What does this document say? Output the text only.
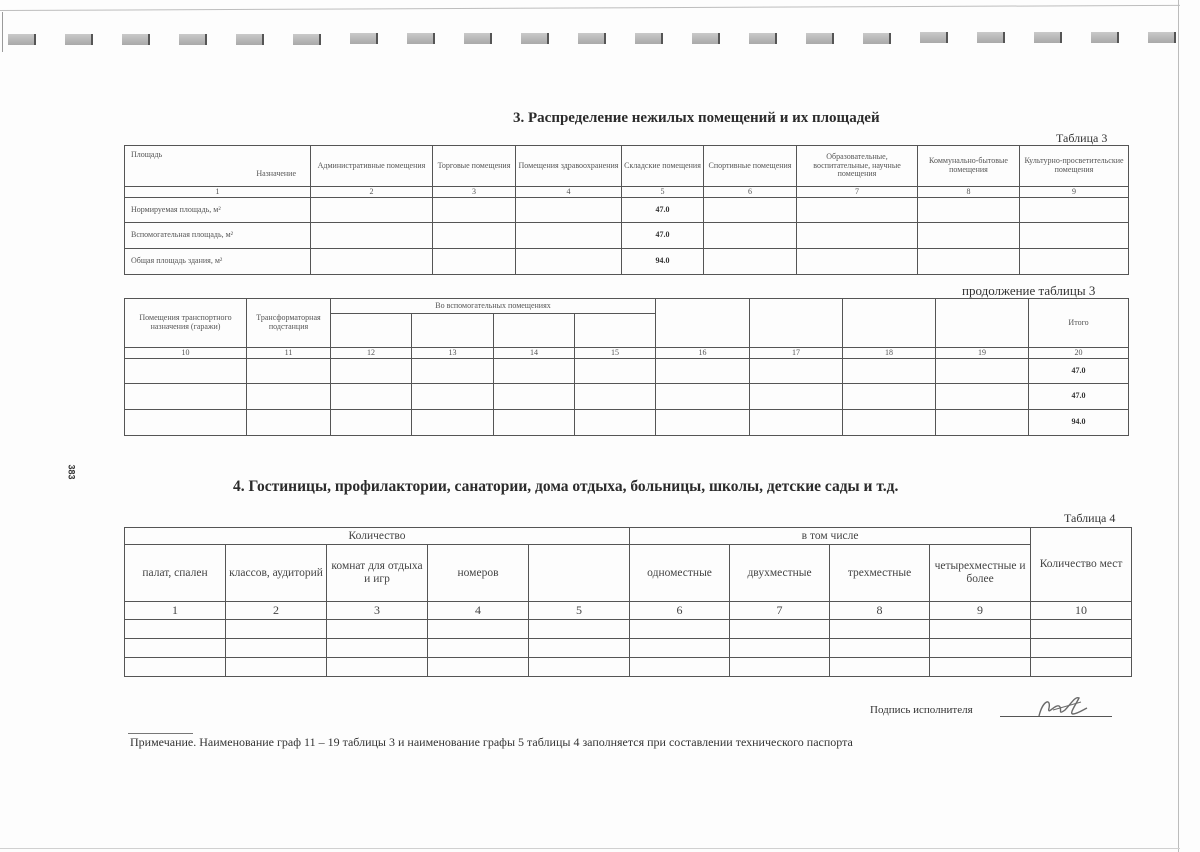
383
3. Распределение нежилых помещений и их площадей
Таблица 3
Назначение
Площадь	Административные помещения	Торговые помещения	Помещения здравоохранения	Складские помещения	Спортивные помещения	Образовательные, воспитательные, научные помещения	Коммунально-бытовые помещения	Культурно-просветительские помещения
1	2	3	4	5	6	7	8	9
Нормируемая площадь, м²				47.0				
Вспомогательная площадь, м²				47.0				
Общая площадь здания, м²				94.0				
продолжение таблицы 3
Помещения транспортного назначения (гаражи)	Трансформаторная подстанция	Во вспомогательных помещениях								Итого

10	11	12	13	14	15	16	17	18	19	20
										47.0
										47.0
										94.0
4. Гостиницы, профилактории, санатории, дома отдыха, больницы, школы, детские сады и т.д.
Таблица 4
Количество					в том числе				Количество мест
палат, спален	классов, аудиторий	комнат для отдыха и игр	номеров		одноместные	двухместные	трехместные	четырехместные и более	
1	2	3	4	5	6	7	8	9	10

Подпись исполнителя
Примечание. Наименование граф 11 – 19 таблицы 3 и наименование графы 5 таблицы 4 заполняется при составлении технического паспорта
